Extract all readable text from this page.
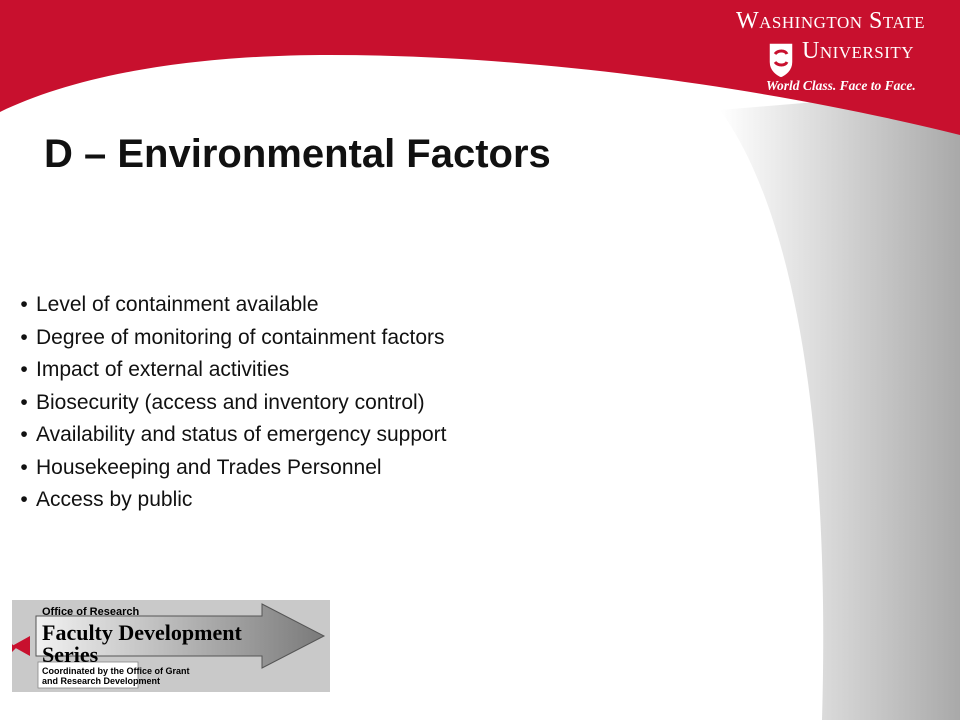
Washington State
University
World Class. Face to Face.
D – Environmental Factors
• Level of containment available
• Degree of monitoring of containment factors
• Impact of external activities
• Biosecurity (access and inventory control)
• Availability and status of emergency support
• Housekeeping and Trades Personnel
• Access by public
Office of Research
Faculty Development
Series
Coordinated by the Office of Grant
and Research Development
